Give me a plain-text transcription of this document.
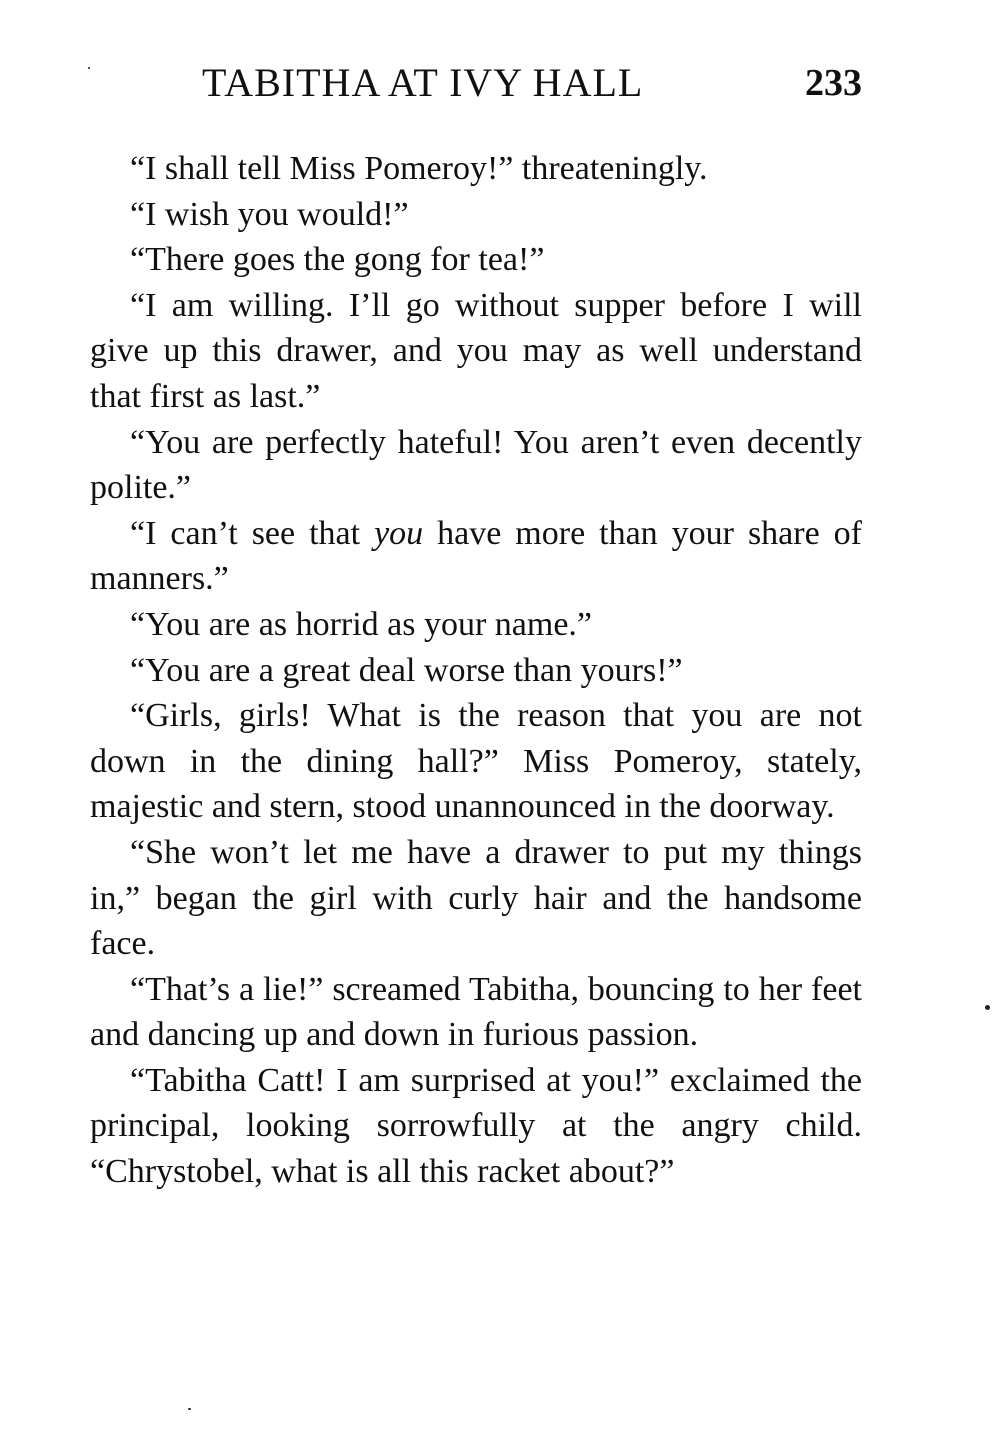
TABITHA AT IVY HALL	233

“I shall tell Miss Pomeroy!” threateningly.

“I wish you would!”

“There goes the gong for tea!”

“I am willing. I’ll go without supper before I will give up this drawer, and you may as well understand that first as last.”

“You are perfectly hateful! You aren’t even decently polite.”

“I can’t see that you have more than your share of manners.”

“You are as horrid as your name.”

“You are a great deal worse than yours!”

“Girls, girls! What is the reason that you are not down in the dining hall?” Miss Pomeroy, stately, majestic and stern, stood unannounced in the doorway.

“She won’t let me have a drawer to put my things in,” began the girl with curly hair and the handsome face.

“That’s a lie!” screamed Tabitha, bouncing to her feet and dancing up and down in furious passion.

“Tabitha Catt! I am surprised at you!” exclaimed the principal, looking sorrowfully at the angry child. “Chrystobel, what is all this racket about?”
